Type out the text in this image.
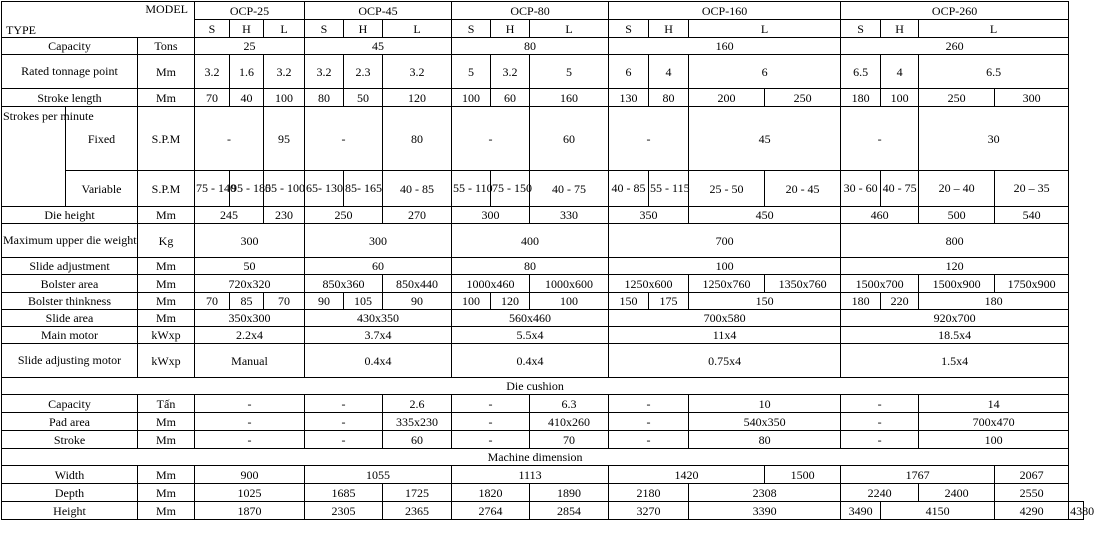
MODEL
TYPE			OCP-25			OCP-45			OCP-80			OCP-160				OCP-260				
			S	H	L	S	H	L	S	H	L	S	H	L		S	H	L		
Capacity		Tons	25			45			80			160				260				
Rated tonnage point		Mm	3.2	1.6	3.2	3.2	2.3	3.2	5	3.2	5	6	4	6		6.5	4	6.5		
Stroke length		Mm	70	40	100	80	50	120	100	60	160	130	80	200	250	180	100	250	300	
Strokes per minute	Fixed	S.P.M	-		95	-		80	-		60	-		45		-		30		
	Variable	S.P.M	75 - 140	95 - 180	55 - 100	65- 130	85- 165	40 - 85	55 - 110	75 - 150	40 - 75	40 - 85	55 - 115	25 - 50	20 - 45	30 - 60	40 - 75	20 – 40	20 – 35	
Die height		Mm	245		230	250		270	300		330	350		450		460		500	540	
Maximum upper die weight		Kg	300			300			400			700				800				
Slide adjustment		Mm	50			60			80			100				120				
Bolster area		Mm	720x320			850x360		850x440	1000x460		1000x600	1250x600		1250x760	1350x760	1500x700		1500x900	1750x900	
Bolster thinkness		Mm	70	85	70	90	105	90	100	120	100	150	175	150		180	220	180		
Slide area		Mm	350x300			430x350			560x460			700x580				920x700				
Main motor		kWxp	2.2x4			3.7x4			5.5x4			11x4				18.5x4				
Slide adjusting motor		kWxp	Manual			0.4x4			0.4x4			0.75x4				1.5x4				
Die cushion																				
Capacity		Tấn	-			-		2.6	-		6.3	-		10		-		14		
Pad area		Mm	-			-		335x230	-		410x260	-		540x350		-		700x470		
Stroke		Mm	-			-		60	-		70	-		80		-		100		
Machine dimension																				
Width		Mm	900			1055			1113			1420			1500	1767			2067	
Depth		Mm	1025			1685		1725	1820		1890	2180		2308		2240		2400	2550	
Height		Mm	1870			2305		2365	2764		2854	3270		3390		3490	4150		4290	4380
